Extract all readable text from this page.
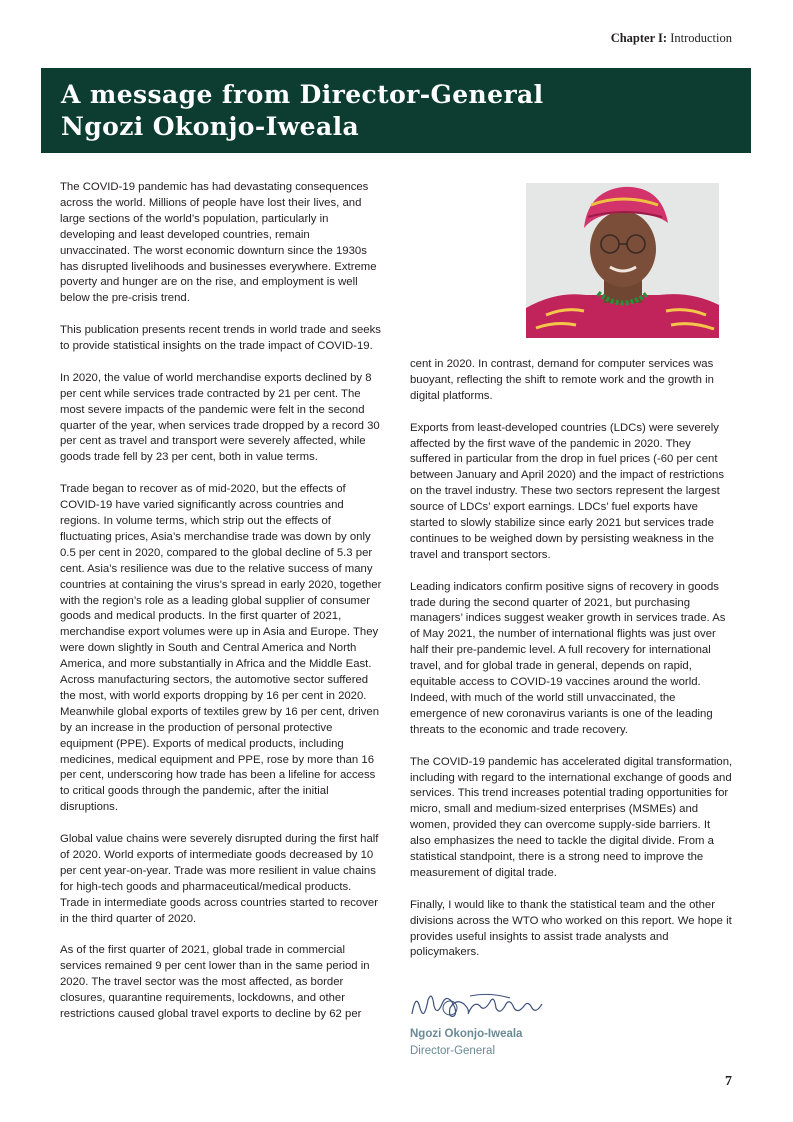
Chapter I: Introduction
A message from Director-General
Ngozi Okonjo-Iweala

The COVID-19 pandemic has had devastating consequences across the world. Millions of people have lost their lives, and large sections of the world’s population, particularly in developing and least developed countries, remain unvaccinated. The worst economic downturn since the 1930s has disrupted livelihoods and businesses everywhere. Extreme poverty and hunger are on the rise, and employment is well below the pre-crisis trend.

This publication presents recent trends in world trade and seeks to provide statistical insights on the trade impact of COVID-19.

In 2020, the value of world merchandise exports declined by 8 per cent while services trade contracted by 21 per cent. The most severe impacts of the pandemic were felt in the second quarter of the year, when services trade dropped by a record 30 per cent as travel and transport were severely affected, while goods trade fell by 23 per cent, both in value terms.

Trade began to recover as of mid-2020, but the effects of COVID-19 have varied significantly across countries and regions. In volume terms, which strip out the effects of fluctuating prices, Asia’s merchandise trade was down by only 0.5 per cent in 2020, compared to the global decline of 5.3 per cent. Asia’s resilience was due to the relative success of many countries at containing the virus’s spread in early 2020, together with the region’s role as a leading global supplier of consumer goods and medical products. In the first quarter of 2021, merchandise export volumes were up in Asia and Europe. They were down slightly in South and Central America and North America, and more substantially in Africa and the Middle East. Across manufacturing sectors, the automotive sector suffered the most, with world exports dropping by 16 per cent in 2020. Meanwhile global exports of textiles grew by 16 per cent, driven by an increase in the production of personal protective equipment (PPE). Exports of medical products, including medicines, medical equipment and PPE, rose by more than 16 per cent, underscoring how trade has been a lifeline for access to critical goods through the pandemic, after the initial disruptions.

Global value chains were severely disrupted during the first half of 2020. World exports of intermediate goods decreased by 10 per cent year-on-year. Trade was more resilient in value chains for high-tech goods and pharmaceutical/medical products. Trade in intermediate goods across countries started to recover in the third quarter of 2020.

As of the first quarter of 2021, global trade in commercial services remained 9 per cent lower than in the same period in 2020. The travel sector was the most affected, as border closures, quarantine requirements, lockdowns, and other restrictions caused global travel exports to decline by 62 per

cent in 2020. In contrast, demand for computer services was buoyant, reflecting the shift to remote work and the growth in digital platforms.

Exports from least-developed countries (LDCs) were severely affected by the first wave of the pandemic in 2020. They suffered in particular from the drop in fuel prices (-60 per cent between January and April 2020) and the impact of restrictions on the travel industry. These two sectors represent the largest source of LDCs’ export earnings. LDCs’ fuel exports have started to slowly stabilize since early 2021 but services trade continues to be weighed down by persisting weakness in the travel and transport sectors.

Leading indicators confirm positive signs of recovery in goods trade during the second quarter of 2021, but purchasing managers’ indices suggest weaker growth in services trade. As of May 2021, the number of international flights was just over half their pre-pandemic level. A full recovery for international travel, and for global trade in general, depends on rapid, equitable access to COVID-19 vaccines around the world. Indeed, with much of the world still unvaccinated, the emergence of new coronavirus variants is one of the leading threats to the economic and trade recovery.

The COVID-19 pandemic has accelerated digital transformation, including with regard to the international exchange of goods and services. This trend increases potential trading opportunities for micro, small and medium-sized enterprises (MSMEs) and women, provided they can overcome supply-side barriers. It also emphasizes the need to tackle the digital divide. From a statistical standpoint, there is a strong need to improve the measurement of digital trade.

Finally, I would like to thank the statistical team and the other divisions across the WTO who worked on this report. We hope it provides useful insights to assist trade analysts and policymakers.

Ngozi Okonjo-Iweala
Director-General
7
